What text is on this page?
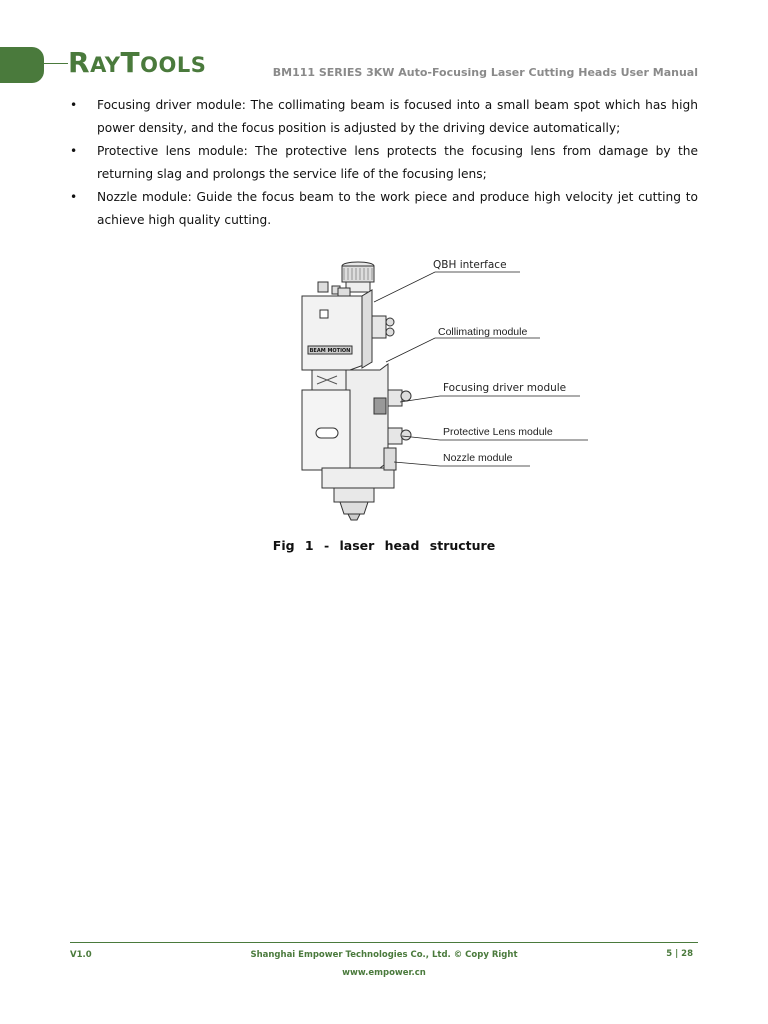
R AY T OOLS	BM111 SERIES 3KW Auto-Focusing Laser Cutting Heads User Manual
• Focusing driver module: The collimating beam is focused into a small beam spot which has high power density, and the focus position is adjusted by the driving device automatically;
• Protective lens module: The protective lens protects the focusing lens from damage by the returning slag and prolongs the service life of the focusing lens;
• Nozzle module: Guide the focus beam to the work piece and produce high velocity jet cutting to achieve high quality cutting.
BEAM MOTION
QBH interface
Collimating module
Focusing driver module
Protective Lens module
Nozzle module
Fig 1 - laser head structure
V1.0	Shanghai Empower Technologies Co., Ltd. © Copy Right	5 | 28
www.empower.cn
